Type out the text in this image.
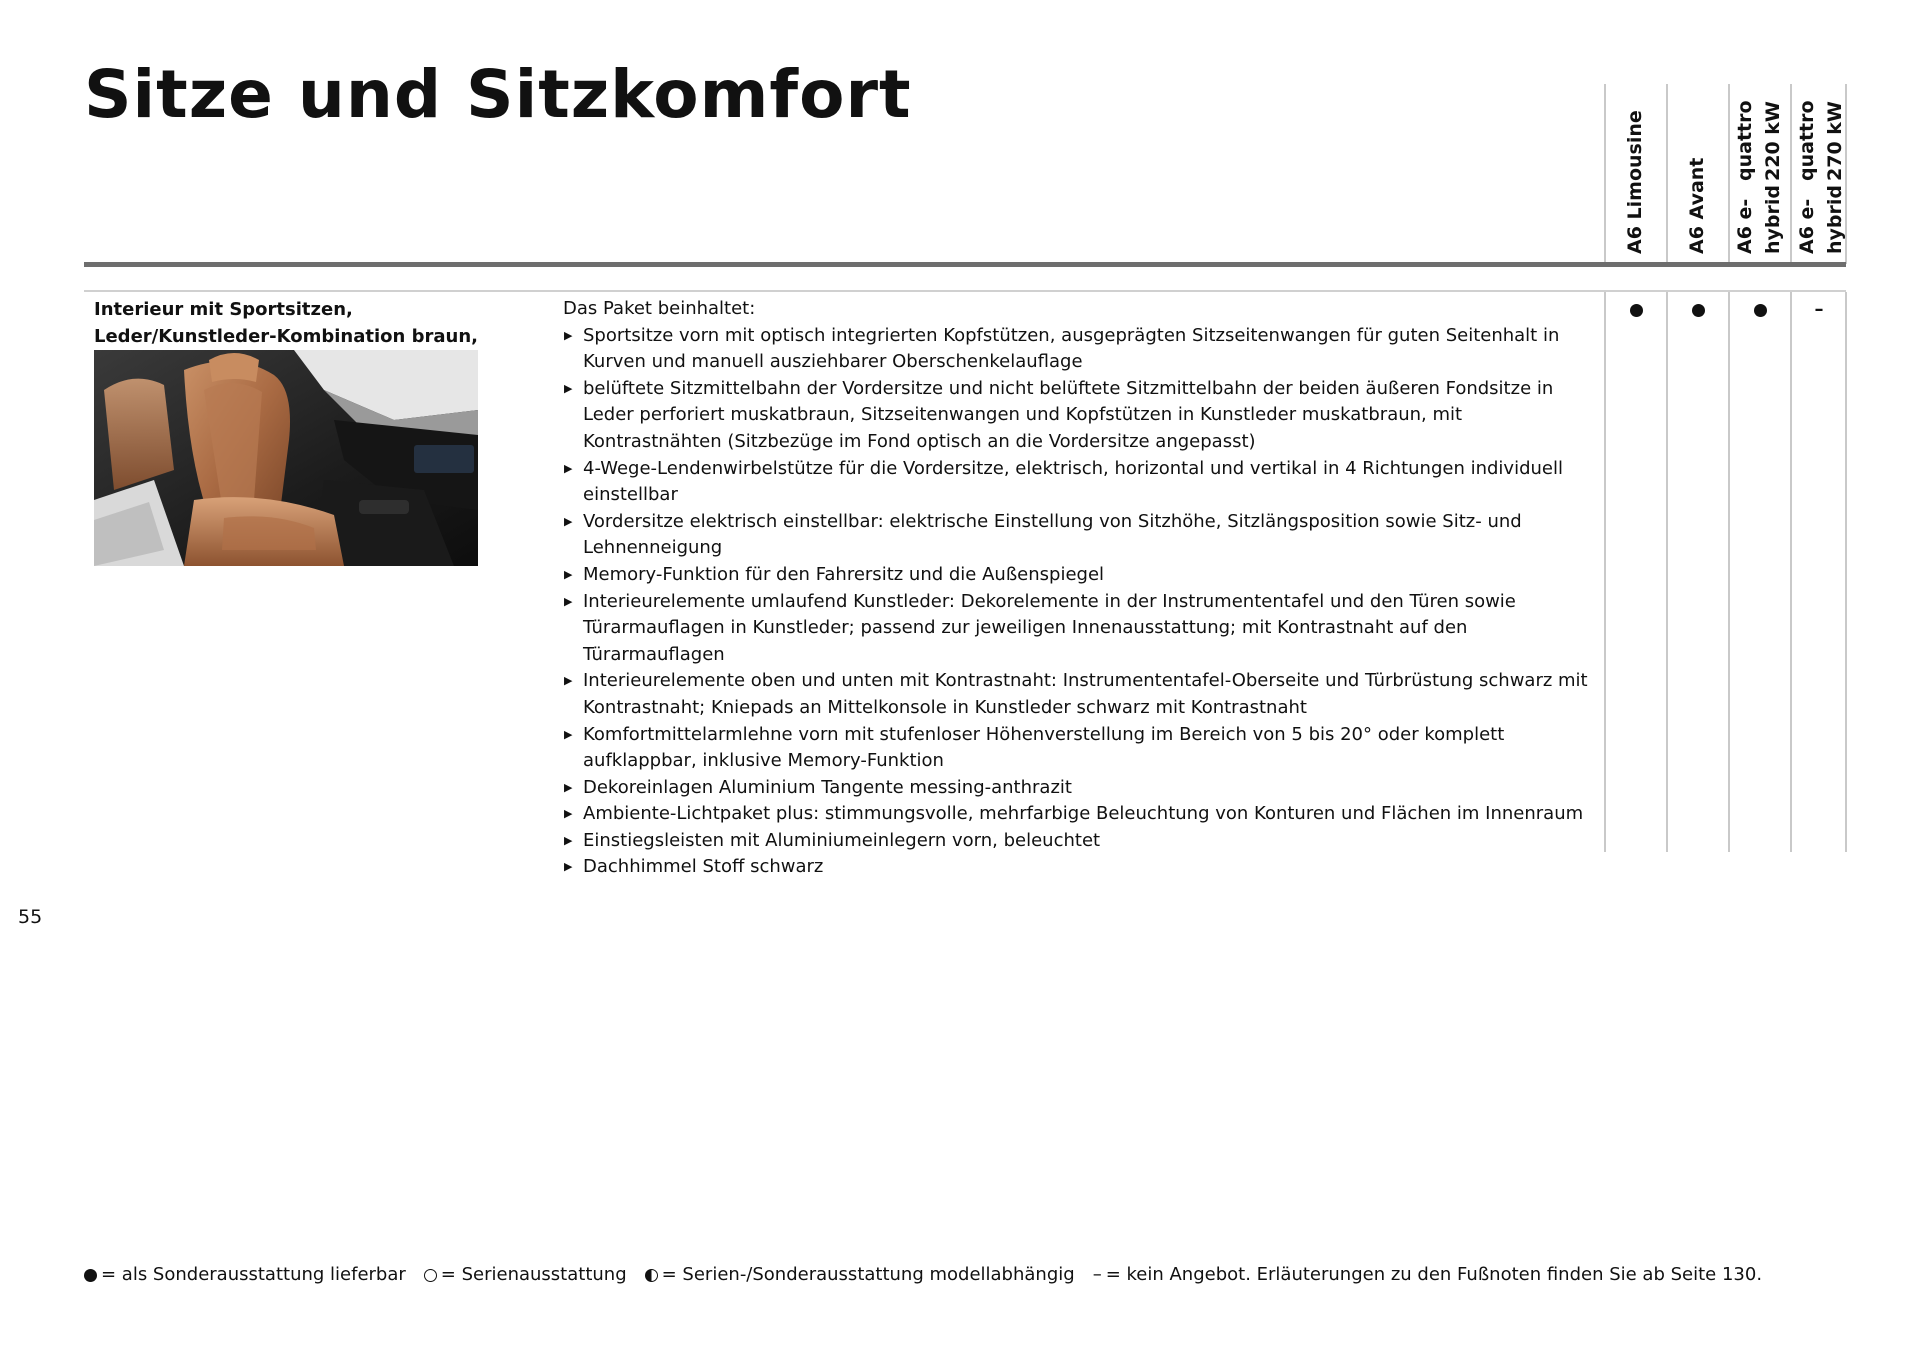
Sitze und Sitzkomfort
A6 Limousine A6 Avant A6 e-hybrid
quattro 220 kW
A6 e-hybrid
quattro 270 kW
Interieur mit Sportsitzen, Leder/Kunstleder-Kombination braun,
Das Paket beinhaltet:
▶ Sportsitze vorn mit optisch integrierten Kopfstützen, ausgeprägten Sitzseitenwangen für guten Seitenhalt in Kurven und manuell ausziehbarer Oberschenkelauflage
▶ belüftete Sitzmittelbahn der Vordersitze und nicht belüftete Sitzmittelbahn der beiden äußeren Fondsitze in Leder perforiert muskatbraun, Sitzseitenwangen und Kopfstützen in Kunstleder muskatbraun, mit Kontrastnähten (Sitzbezüge im Fond optisch an die Vordersitze angepasst)
▶ 4-Wege-Lendenwirbelstütze für die Vordersitze, elektrisch, horizontal und vertikal in 4 Richtungen individuell einstellbar
▶ Vordersitze elektrisch einstellbar: elektrische Einstellung von Sitzhöhe, Sitzlängsposition sowie Sitz- und Lehnenneigung
▶ Memory-Funktion für den Fahrersitz und die Außenspiegel
▶ Interieurelemente umlaufend Kunstleder: Dekorelemente in der Instrumententafel und den Türen sowie Türarmauflagen in Kunstleder; passend zur jeweiligen Innenausstattung; mit Kontrastnaht auf den Türarmauflagen
▶ Interieurelemente oben und unten mit Kontrastnaht: Instrumententafel-Oberseite und Türbrüstung schwarz mit Kontrastnaht; Kniepads an Mittelkonsole in Kunstleder schwarz mit Kontrastnaht
▶ Komfortmittelarmlehne vorn mit stufenloser Höhenverstellung im Bereich von 5 bis 20° oder komplett aufklappbar, inklusive Memory-Funktion
▶ Dekoreinlagen Aluminium Tangente messing-anthrazit
▶ Ambiente-Lichtpaket plus: stimmungsvolle, mehrfarbige Beleuchtung von Konturen und Flächen im Innenraum
▶ Einstiegsleisten mit Aluminiumeinlegern vorn, beleuchtet
▶ Dachhimmel Stoff schwarz
–
55
= als Sonderausstattung lieferbar = Serienausstattung = Serien-/Sonderausstattung modellabhängig – = kein Angebot. Erläuterungen zu den Fußnoten finden Sie ab Seite 130.
